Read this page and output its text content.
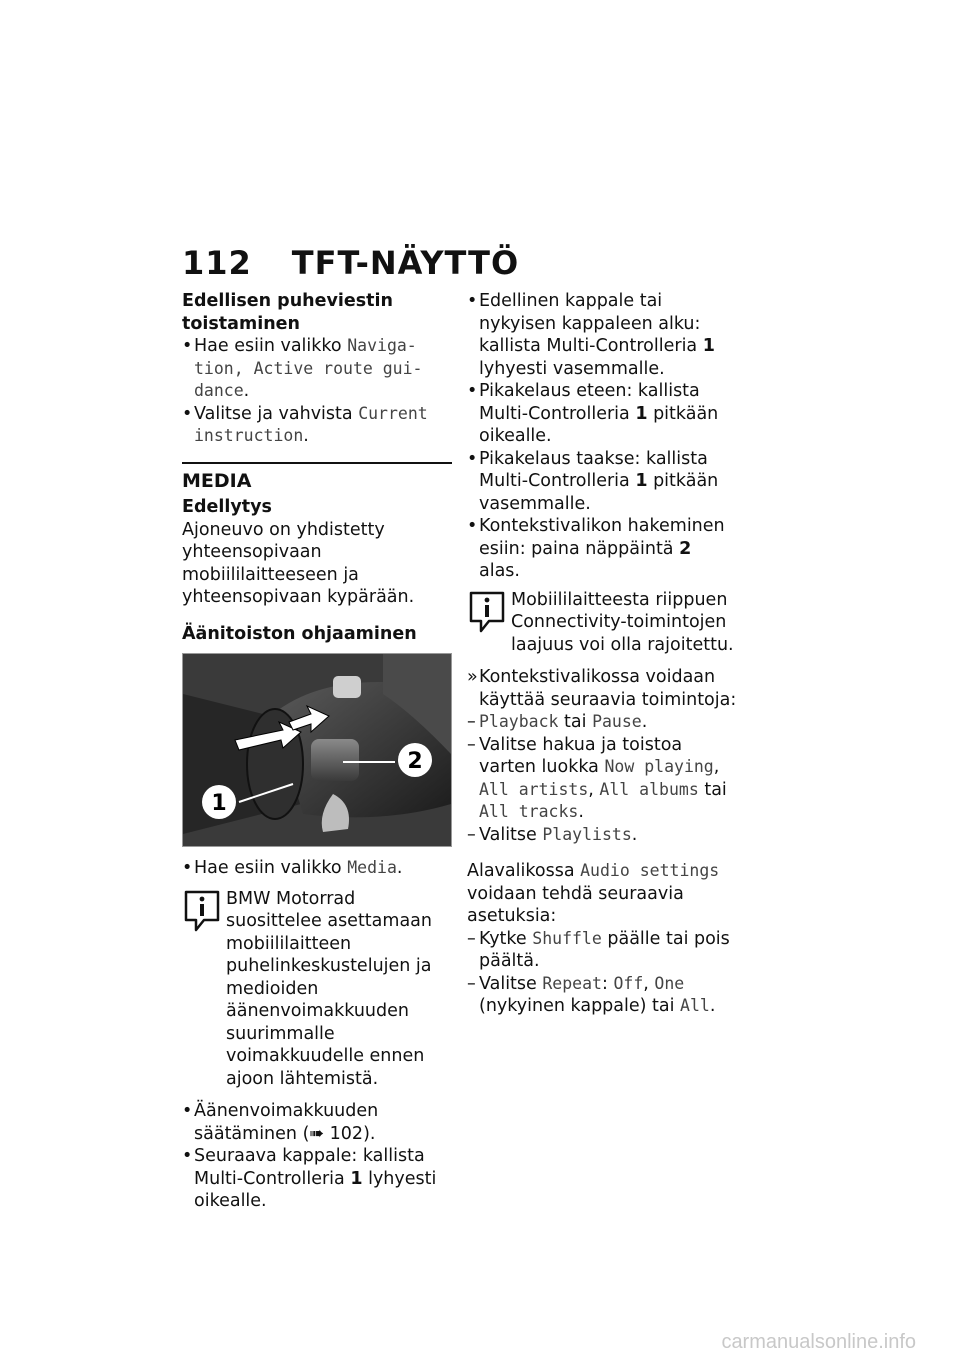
112 TFT-NÄYTTÖ

Edellisen puheviestin toistaminen

• Hae esiin valikko Naviga-tion, Active route gui-dance.
• Valitse ja vahvista Current instruction.
MEDIA

Edellytys

Ajoneuvo on yhdistetty yhteensopivaan mobiililaitteeseen ja yhteensopivaan kypärään.

Äänitoiston ohjaaminen

1
2
• Hae esiin valikko Media.

BMW Motorrad suosittelee asettamaan mobiililaitteen puhelinkeskustelujen ja medioiden äänenvoimakkuuden suurimmalle voimakkuudelle ennen ajoon lähtemistä.

• Äänenvoimakkuuden säätäminen (➠ 102).
• Seuraava kappale: kallista Multi-Controlleria 1 lyhyesti oikealle.
• Edellinen kappale tai nykyisen kappaleen alku: kallista Multi-Controlleria 1 lyhyesti vasemmalle.
• Pikakelaus eteen: kallista Multi-Controlleria 1 pitkään oikealle.
• Pikakelaus taakse: kallista Multi-Controlleria 1 pitkään vasemmalle.
• Kontekstivalikon hakeminen esiin: paina näppäintä 2 alas.

Mobiililaitteesta riippuen Connectivity-toimintojen laajuus voi olla rajoitettu.

» Kontekstivalikossa voidaan käyttää seuraavia toimintoja:
– Playback tai Pause.
– Valitse hakua ja toistoa varten luokka Now playing, All artists, All albums tai All tracks.
– Valitse Playlists.

Alavalikossa Audio settings voidaan tehdä seuraavia asetuksia:

– Kytke Shuffle päälle tai pois päältä.
– Valitse Repeat: Off, One (nykyinen kappale) tai All.
carmanualsonline.info
